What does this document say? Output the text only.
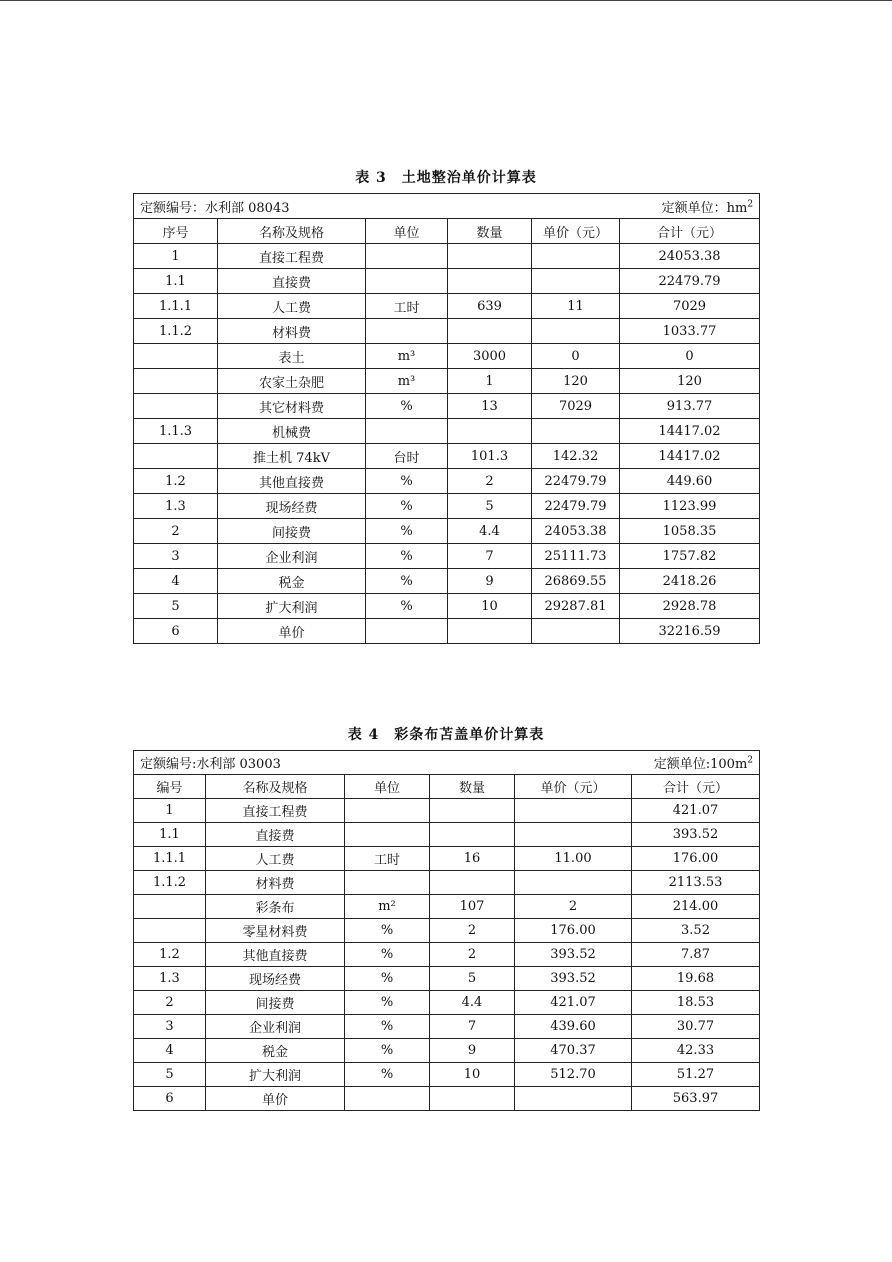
表 3　土地整治单价计算表
定额编号：水利部 08043 定额单位：$hm^2$

序号	名称及规格	单位	数量	单价（元）	合计（元）
1	直接工程费				24053.38
1.1	直接费				22479.79
1.1.1	人工费	工时	639	11	7029
1.1.2	材料费				1033.77
	表土	m³	3000	0	0
	农家土杂肥	m³	1	120	120
	其它材料费	%	13	7029	913.77
1.1.3	机械费				14417.02
	推土机 74kV	台时	101.3	142.32	14417.02
1.2	其他直接费	%	2	22479.79	449.60
1.3	现场经费	%	5	22479.79	1123.99
2	间接费	%	4.4	24053.38	1058.35
3	企业利润	%	7	25111.73	1757.82
4	税金	%	9	26869.55	2418.26
5	扩大利润	%	10	29287.81	2928.78
6	单价				32216.59
表 4　彩条布苫盖单价计算表
定额编号:水利部 03003 定额单位$:100m^2$

编号	名称及规格	单位	数量	单价（元）	合计（元）
1	直接工程费				421.07
1.1	直接费				393.52
1.1.1	人工费	工时	16	11.00	176.00
1.1.2	材料费				2113.53
	彩条布	m²	107	2	214.00
	零星材料费	%	2	176.00	3.52
1.2	其他直接费	%	2	393.52	7.87
1.3	现场经费	%	5	393.52	19.68
2	间接费	%	4.4	421.07	18.53
3	企业利润	%	7	439.60	30.77
4	税金	%	9	470.37	42.33
5	扩大利润	%	10	512.70	51.27
6	单价				563.97
